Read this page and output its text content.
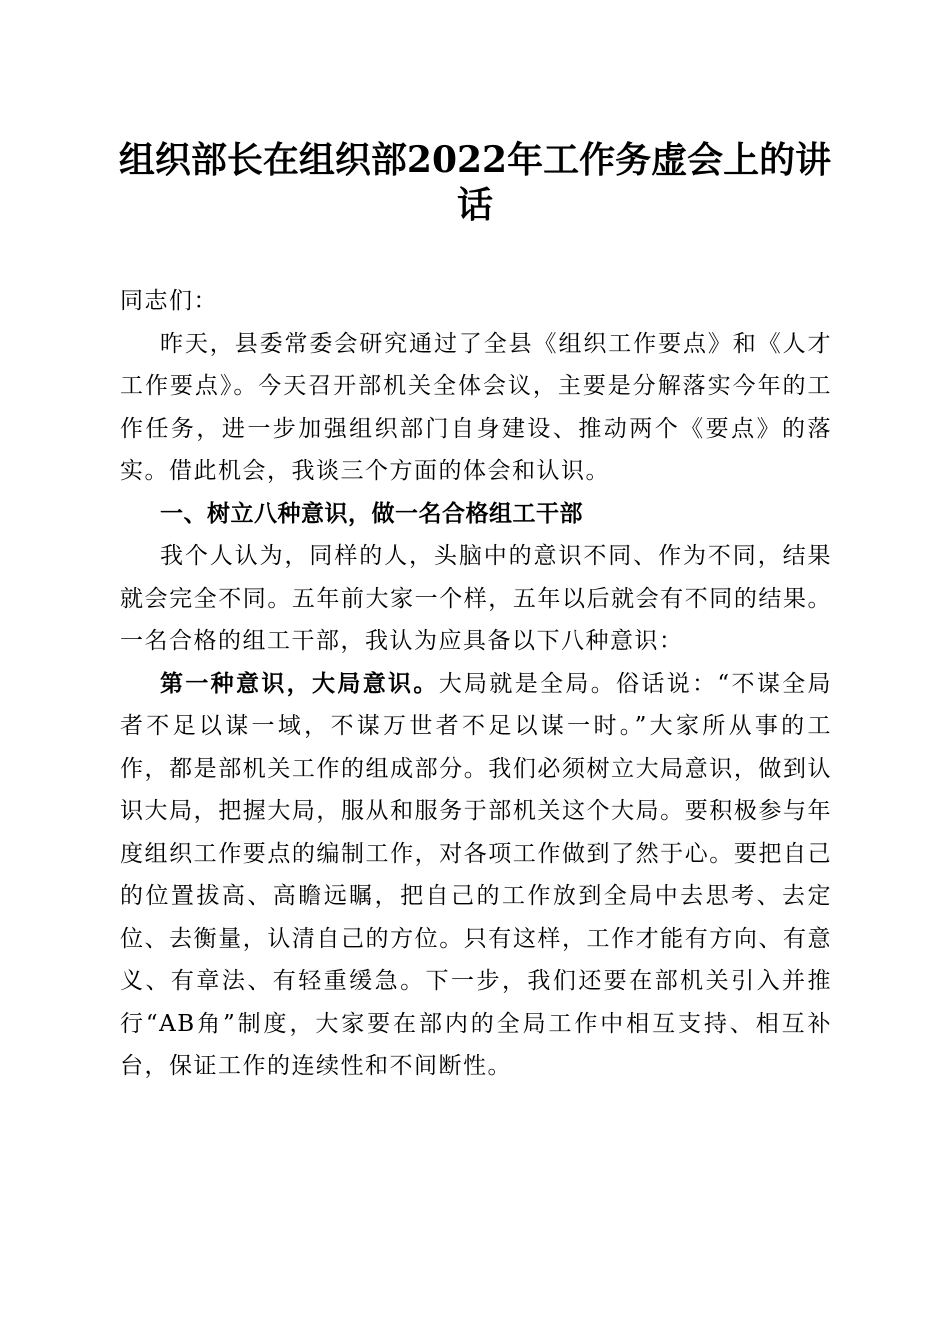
组织部长在组织部2022年工作务虚会上的讲
话

同志们：

昨天，县委常委会研究通过了全县《组织工作要点》和《人才工作要点》。今天召开部机关全体会议，主要是分解落实今年的工作任务，进一步加强组织部门自身建设、推动两个《要点》的落实。借此机会，我谈三个方面的体会和认识。

一、树立八种意识，做一名合格组工干部

我个人认为，同样的人，头脑中的意识不同、作为不同，结果就会完全不同。五年前大家一个样，五年以后就会有不同的结果。一名合格的组工干部，我认为应具备以下八种意识：

第一种意识，大局意识。大局就是全局。俗话说：“不谋全局者不足以谋一域，不谋万世者不足以谋一时。”大家所从事的工作，都是部机关工作的组成部分。我们必须树立大局意识，做到认识大局，把握大局，服从和服务于部机关这个大局。要积极参与年度组织工作要点的编制工作，对各项工作做到了然于心。要把自己的位置拔高、高瞻远瞩，把自己的工作放到全局中去思考、去定位、去衡量，认清自己的方位。只有这样，工作才能有方向、有意义、有章法、有轻重缓急。下一步，我们还要在部机关引入并推行“AB角”制度，大家要在部内的全局工作中相互支持、相互补台，保证工作的连续性和不间断性。
